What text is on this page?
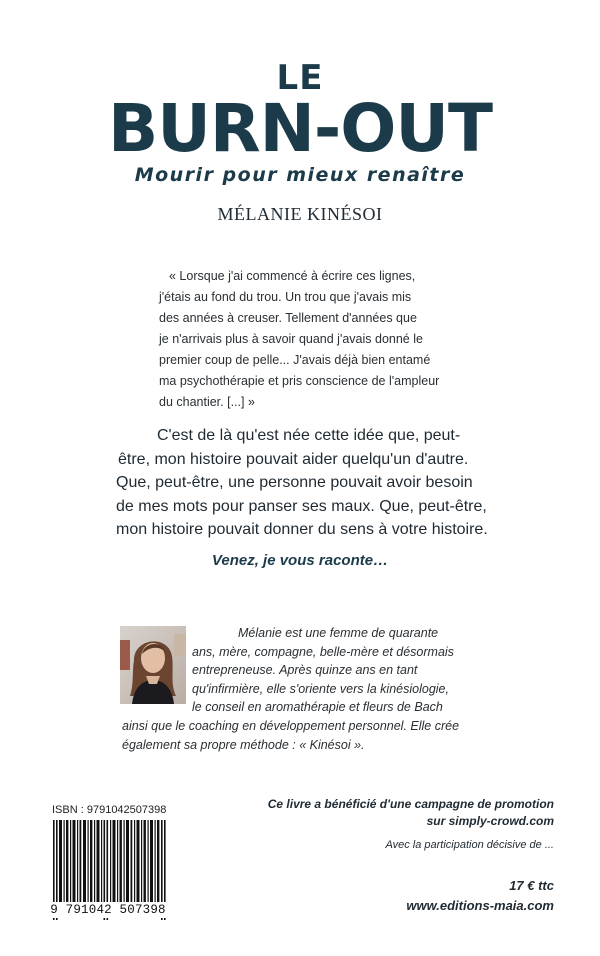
LE
BURN-OUT
Mourir pour mieux renaître
MÉLANIE KINÉSOI
« Lorsque j'ai commencé à écrire ces lignes,
j'étais au fond du trou. Un trou que j'avais mis
des années à creuser. Tellement d'années que
je n'arrivais plus à savoir quand j'avais donné le
premier coup de pelle... J'avais déjà bien entamé
ma psychothérapie et pris conscience de l'ampleur
du chantier. [...] »
C'est de là qu'est née cette idée que, peut-
être, mon histoire pouvait aider quelqu'un d'autre.
Que, peut-être, une personne pouvait avoir besoin
de mes mots pour panser ses maux. Que, peut-être,
mon histoire pouvait donner du sens à votre histoire.
Venez, je vous raconte…
Mélanie est une femme de quarante
ans, mère, compagne, belle-mère et désormais
entrepreneuse. Après quinze ans en tant
qu'infirmière, elle s'oriente vers la kinésiologie,
le conseil en aromathérapie et fleurs de Bach
ainsi que le coaching en développement personnel. Elle crée
également sa propre méthode : « Kinésoi ».
ISBN : 9791042507398
9 791042 507398
Ce livre a bénéficié d'une campagne de promotion
sur simply-crowd.com
Avec la participation décisive de ...
17 € ttc
www.editions-maia.com
